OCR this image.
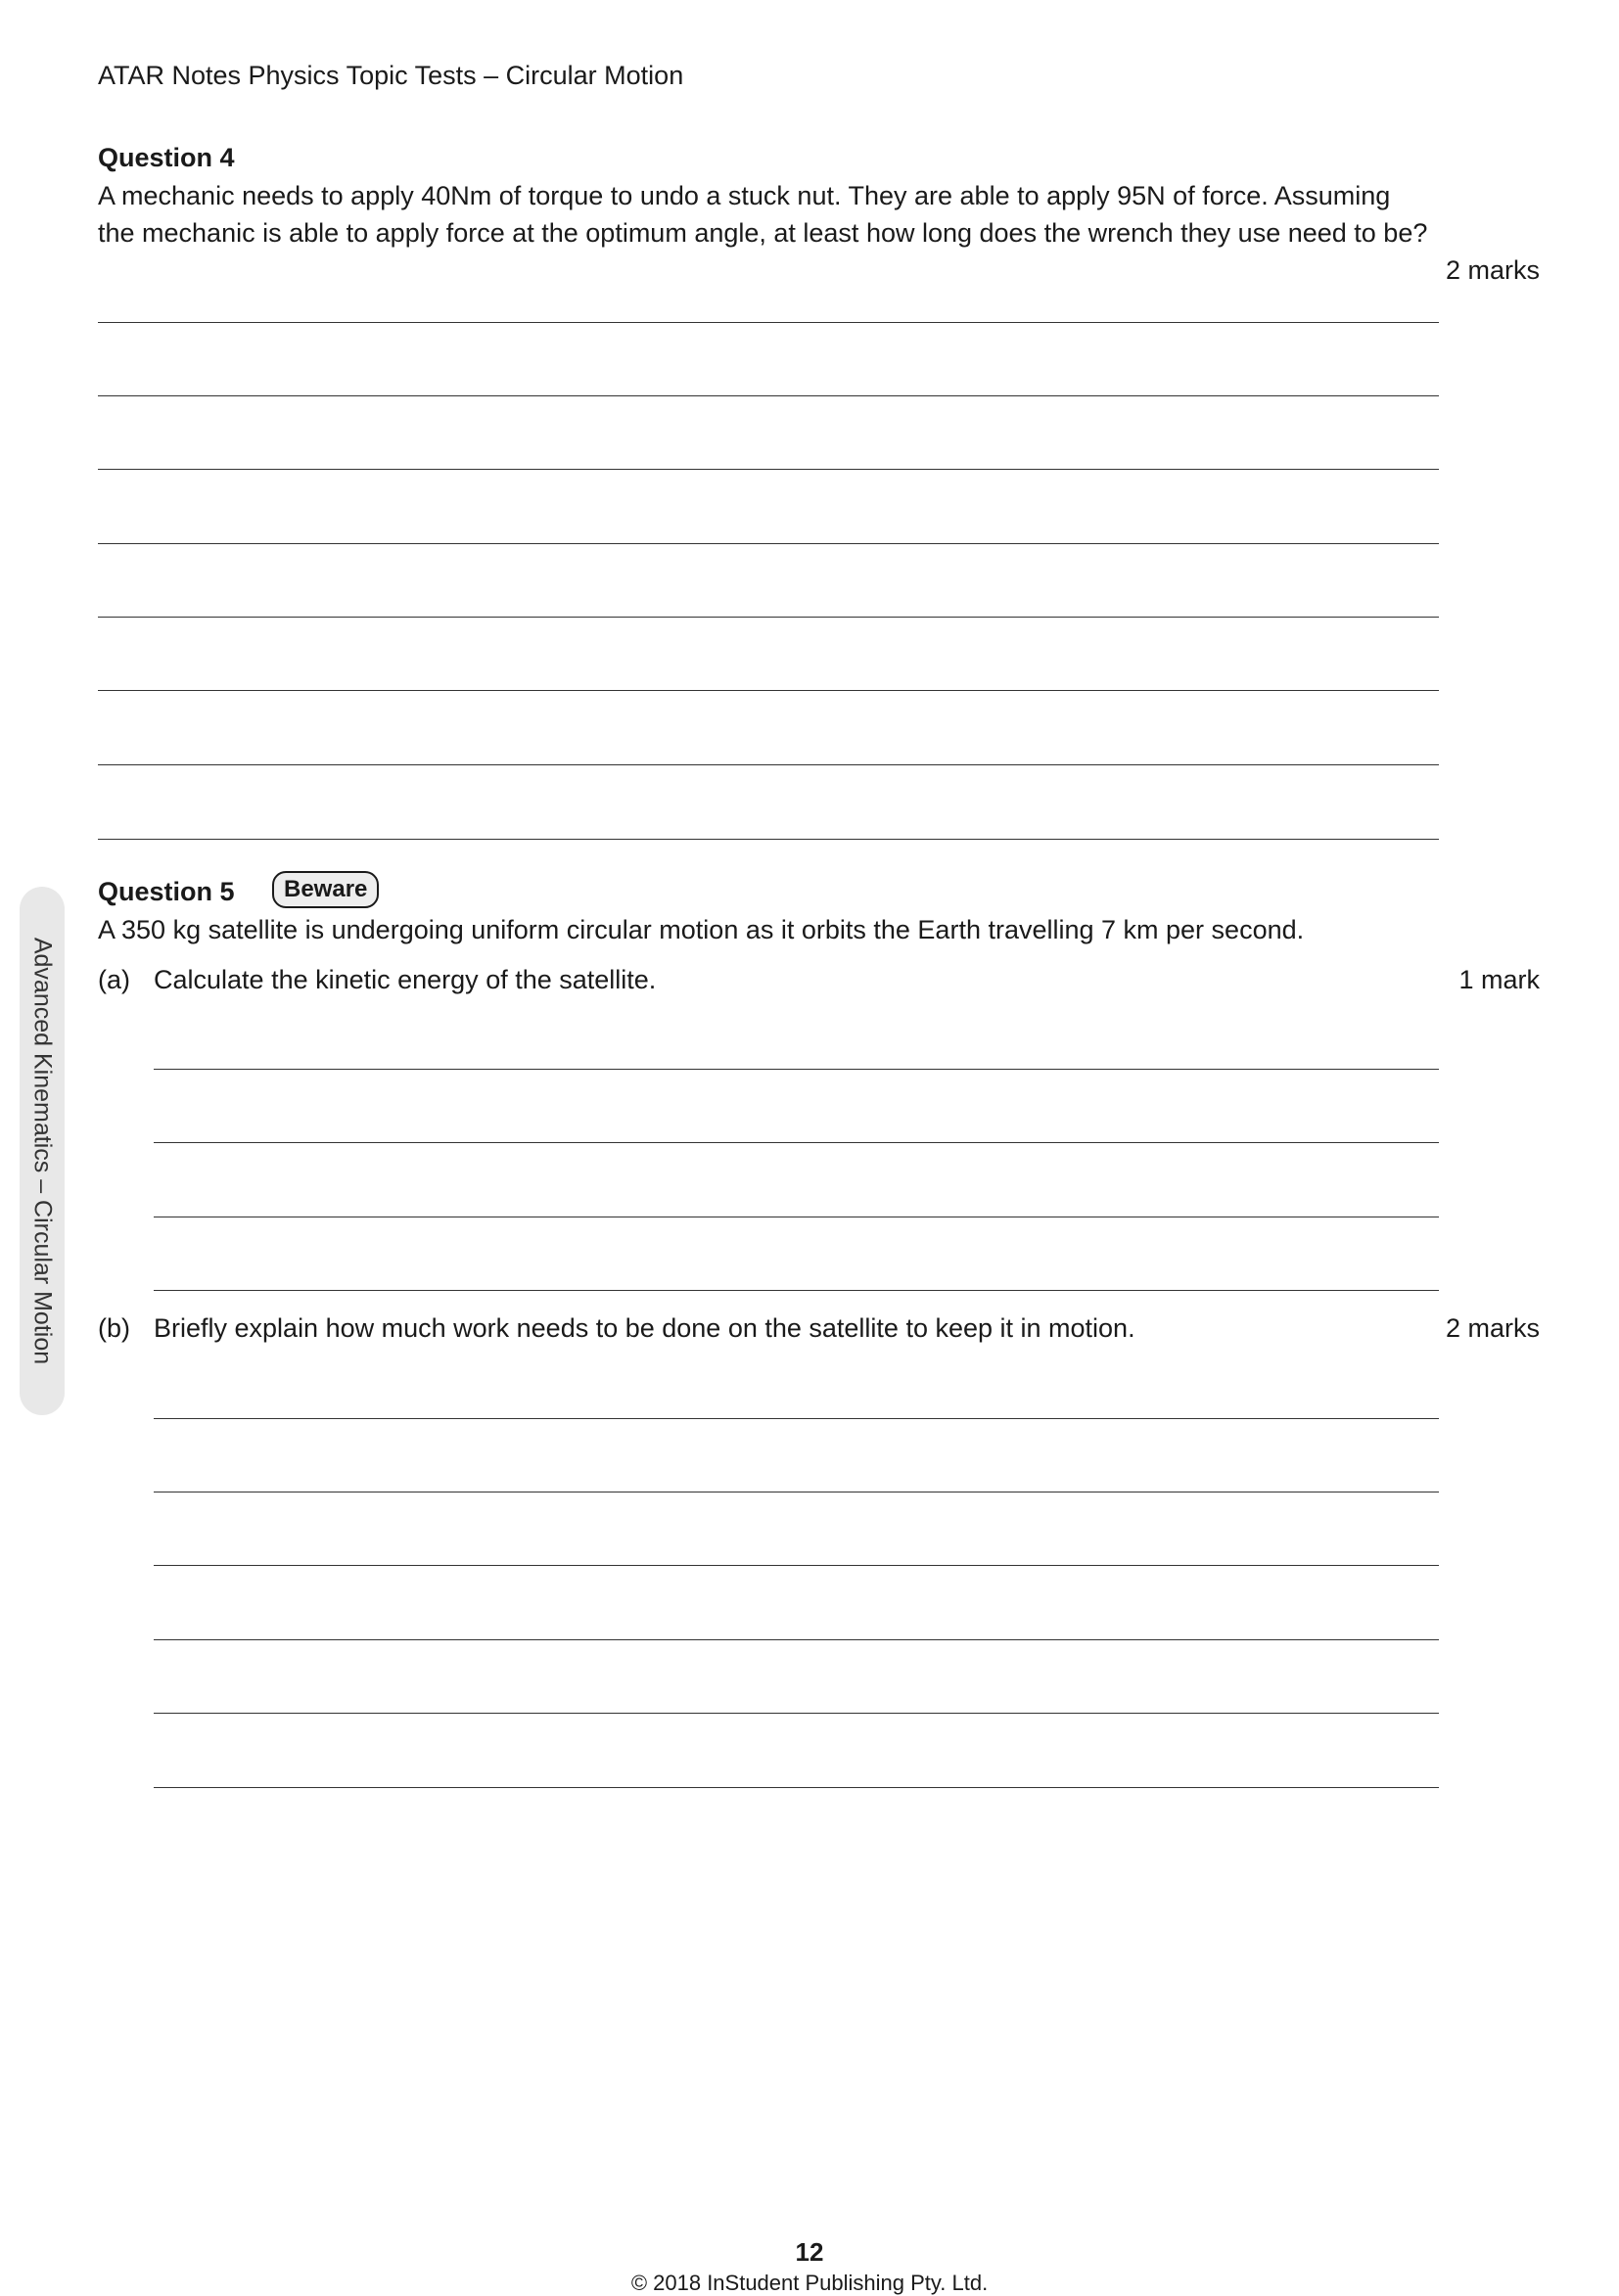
ATAR Notes Physics Topic Tests – Circular Motion
Question 4
A mechanic needs to apply 40Nm of torque to undo a stuck nut. They are able to apply 95N of force. Assuming
the mechanic is able to apply force at the optimum angle, at least how long does the wrench they use need to be?
2 marks
Question 5	Beware
A 350 kg satellite is undergoing uniform circular motion as it orbits the Earth travelling 7 km per second.
(a) Calculate the kinetic energy of the satellite.	1 mark
(b) Briefly explain how much work needs to be done on the satellite to keep it in motion.	2 marks
Advanced Kinematics – Circular Motion
12
© 2018 InStudent Publishing Pty. Ltd.
